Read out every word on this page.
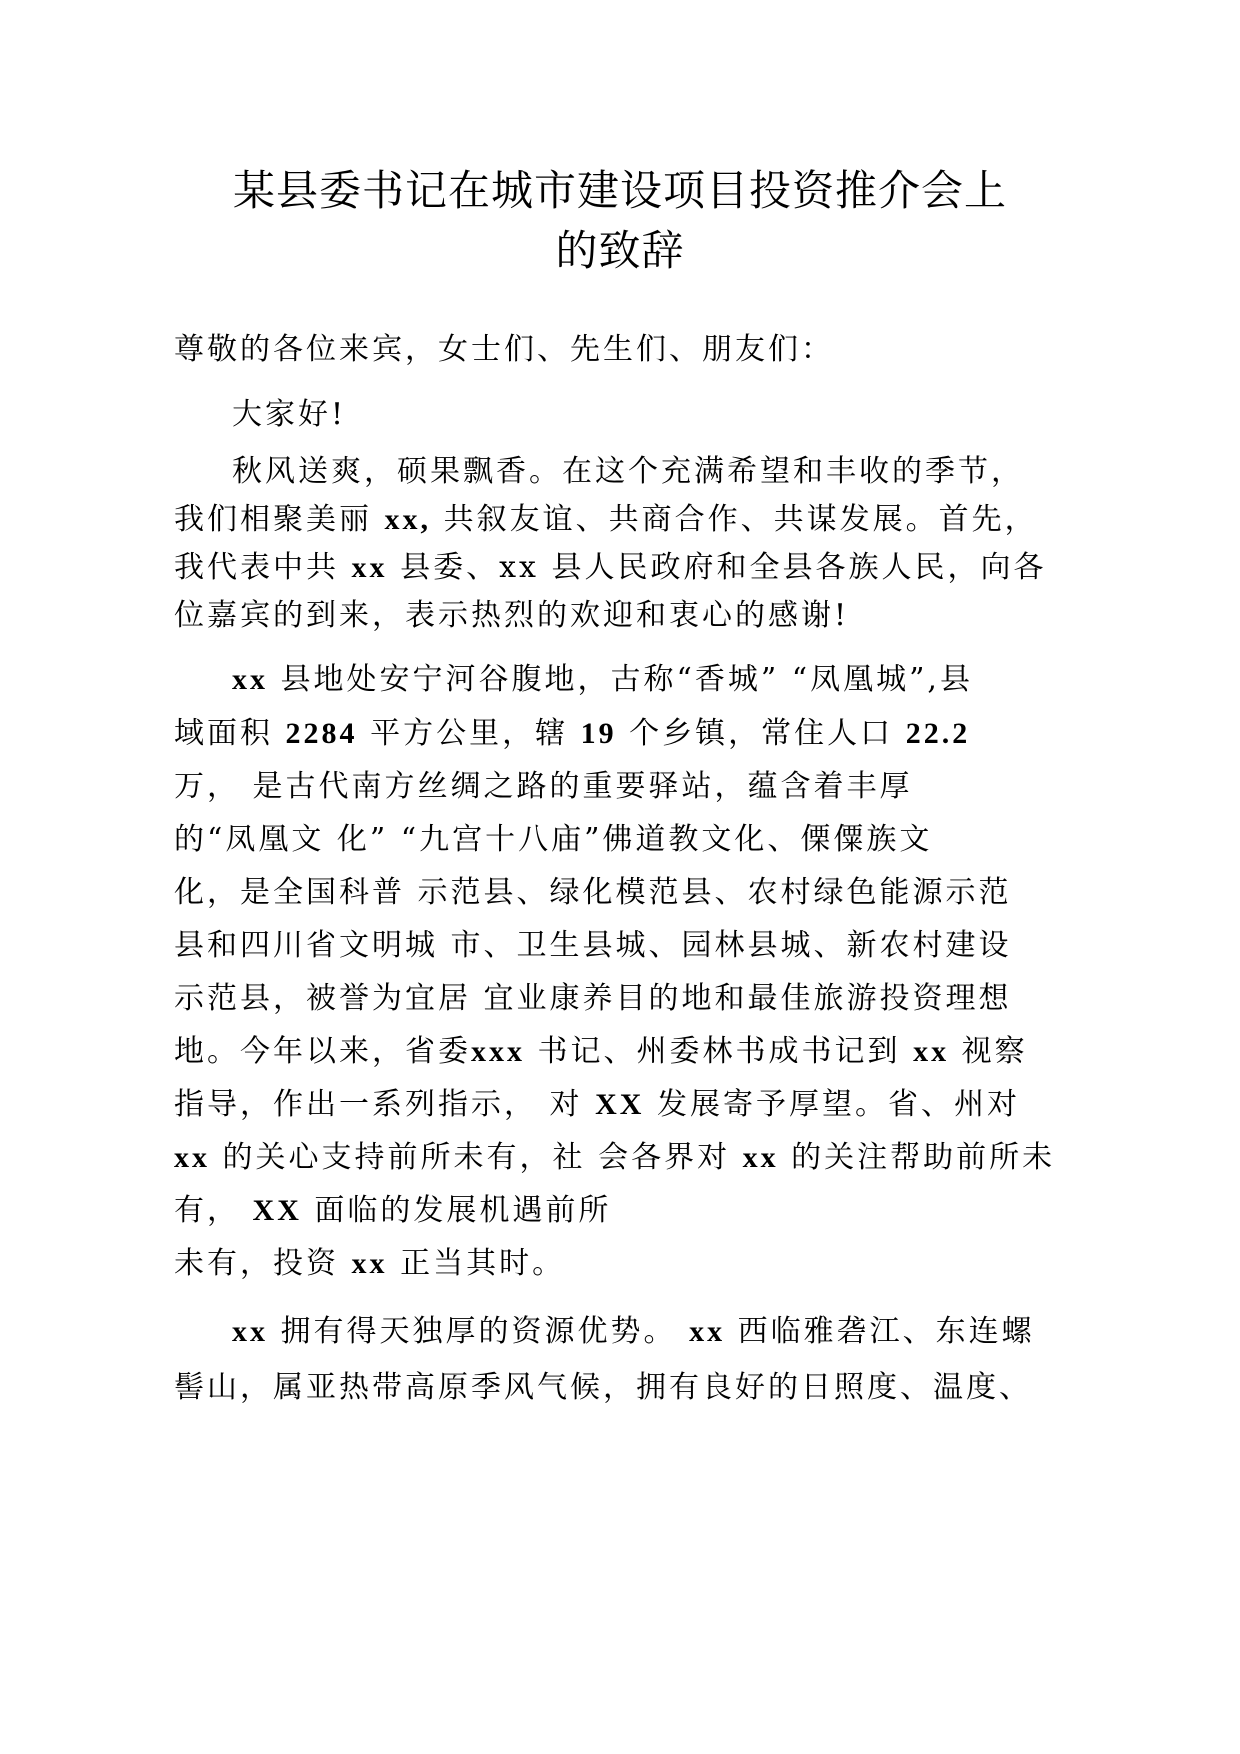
某县委书记在城市建设项目投资推介会上
的致辞
尊敬的各位来宾，女士们、先生们、朋友们：
大家好!
秋风送爽，硕果飘香。在这个充满希望和丰收的季节，
我们相聚美丽 xx, 共叙友谊、共商合作、共谋发展。首先，
我代表中共 xx 县委、xx 县人民政府和全县各族人民，向各
位嘉宾的到来，表示热烈的欢迎和衷心的感谢!
xx 县地处安宁河谷腹地，古称“香城” “凤凰城”,县
域面积 2284 平方公里，辖 19 个乡镇，常住人口 22.2
万， 是古代南方丝绸之路的重要驿站，蕴含着丰厚
的“凤凰文 化” “九宫十八庙”佛道教文化、傈僳族文
化，是全国科普 示范县、绿化模范县、农村绿色能源示范
县和四川省文明城 市、卫生县城、园林县城、新农村建设
示范县，被誉为宜居 宜业康养目的地和最佳旅游投资理想
地。今年以来，省委xxx 书记、州委林书成书记到 xx 视察
指导，作出一系列指示， 对 XX 发展寄予厚望。省、州对
xx 的关心支持前所未有，社 会各界对 xx 的关注帮助前所未
有， XX 面临的发展机遇前所
未有，投资 xx 正当其时。
xx 拥有得天独厚的资源优势。 xx 西临雅砻江、东连螺
髻山，属亚热带高原季风气候，拥有良好的日照度、温度、
